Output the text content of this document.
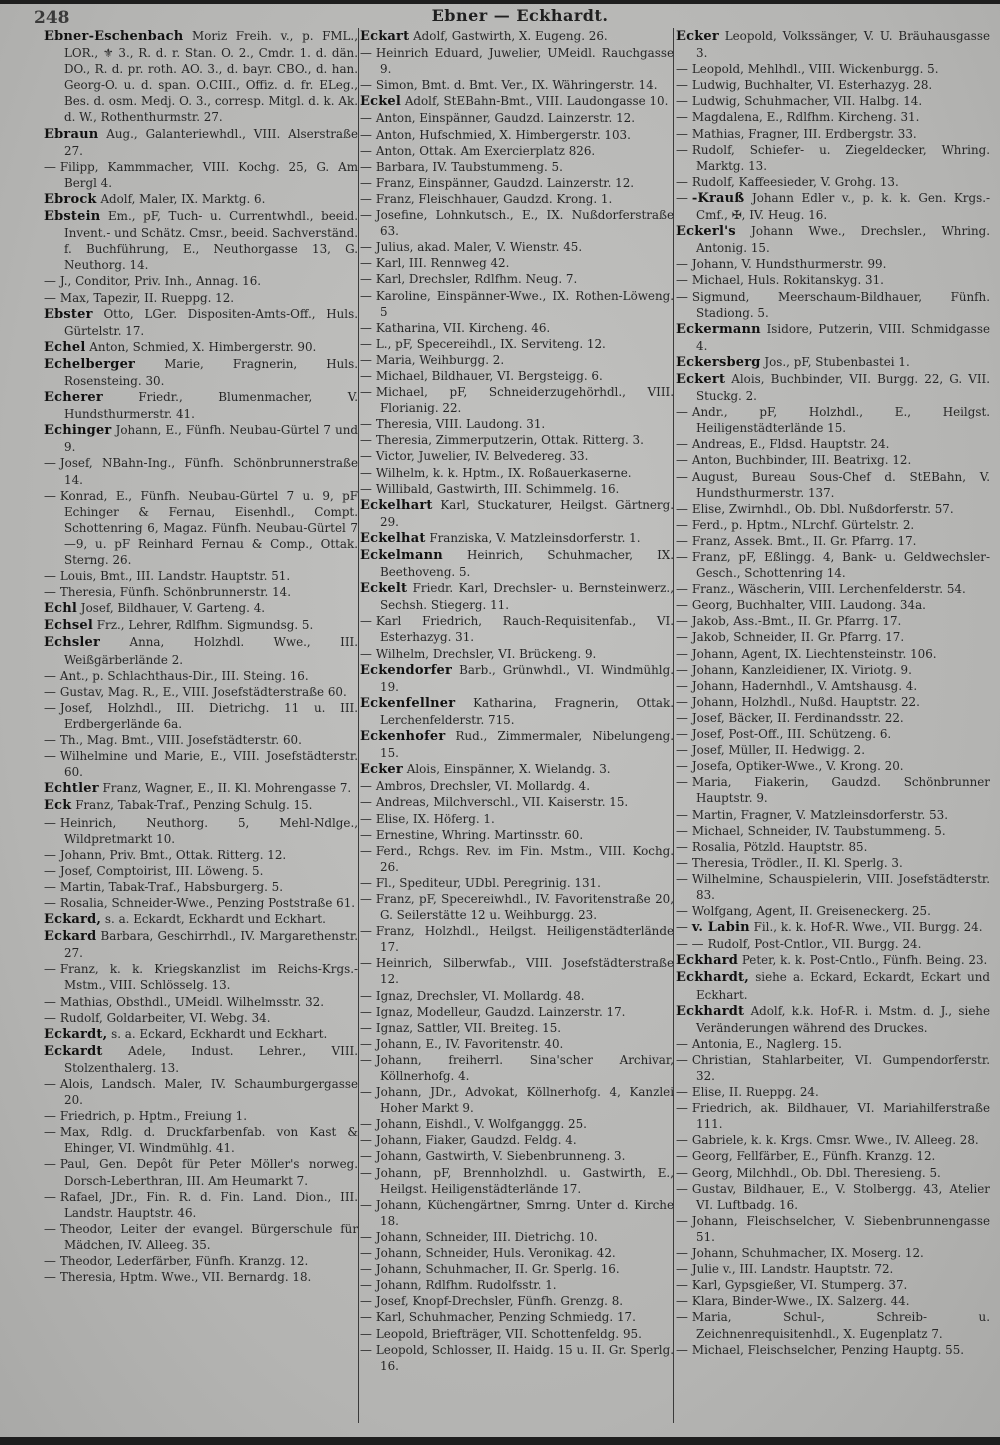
248	Ebner — Eckhardt.

Ebner-Eschenbach Moriz Freih. v., p. FML., LOR., ⚜ 3., R. d. r. Stan. O. 2., Cmdr. 1. d. dän. DO., R. d. pr. roth. AO. 3., d. bayr. CBO., d. han. Georg-O. u. d. span. O.CIII., Offiz. d. fr. ELeg., Bes. d. osm. Medj. O. 3., corresp. Mitgl. d. k. Ak. d. W., Rothenthurmstr. 27.

Ebraun Aug., Galanteriewhdl., VIII. Alserstraße 27.

— Filipp, Kammmacher, VIII. Kochg. 25, G. Am Bergl 4.

Ebrock Adolf, Maler, IX. Marktg. 6.

Ebstein Em., pF, Tuch- u. Currentwhdl., beeid. Invent.- und Schätz. Cmsr., beeid. Sachverständ. f. Buchführung, E., Neuthorgasse 13, G. Neuthorg. 14.

— J., Conditor, Priv. Inh., Annag. 16.

— Max, Tapezir, II. Rueppg. 12.

Ebster Otto, LGer. Dispositen-Amts-Off., Huls. Gürtelstr. 17.

Echel Anton, Schmied, X. Himbergerstr. 90.

Echelberger Marie, Fragnerin, Huls. Rosensteing. 30.

Echerer	Friedr., Blumenmacher, V. Hundsthurmerstr. 41.

Echinger Johann, E., Fünfh. Neubau-Gürtel 7 und 9.

— Josef, NBahn-Ing., Fünfh. Schönbrunnerstraße 14.

— Konrad, E., Fünfh. Neubau-Gürtel 7 u. 9, pF Echinger & Fernau, Eisenhdl., Compt. Schottenring 6, Magaz. Fünfh. Neubau-Gürtel 7—9, u. pF Reinhard Fernau & Comp., Ottak. Sterng. 26.

— Louis, Bmt., III. Landstr. Hauptstr. 51.

— Theresia, Fünfh. Schönbrunnerstr. 14.

Echl Josef, Bildhauer, V. Garteng. 4.

Echsel Frz., Lehrer, Rdlfhm. Sigmundsg. 5.

Echsler Anna, Holzhdl. Wwe., III. Weißgärberlände 2.

— Ant., p. Schlachthaus-Dir., III. Steing. 16.

— Gustav, Mag. R., E., VIII. Josefstädterstraße 60.

— Josef, Holzhdl., III. Dietrichg. 11 u. III. Erdbergerlände 6a.

— Th., Mag. Bmt., VIII. Josefstädterstr. 60.

— Wilhelmine und Marie, E., VIII. Josefstädterstr. 60.

Echtler Franz, Wagner, E., II. Kl. Mohrengasse 7.

Eck Franz, Tabak-Traf., Penzing Schulg. 15.

— Heinrich, Neuthorg. 5, Mehl-Ndlge., Wildpretmarkt 10.

— Johann, Priv. Bmt., Ottak. Ritterg. 12.

— Josef, Comptoirist, III. Löweng. 5.

— Martin, Tabak-Traf., Habsburgerg. 5.

— Rosalia, Schneider-Wwe., Penzing Poststraße 61.

Eckard, s. a. Eckardt, Eckhardt und Eckhart.

Eckard Barbara, Geschirrhdl., IV. Margarethenstr. 27.

— Franz, k. k. Kriegskanzlist im Reichs-Krgs.-Mstm., VIII. Schlösselg. 13.

— Mathias, Obsthdl., UMeidl. Wilhelmsstr. 32.

— Rudolf, Goldarbeiter, VI. Webg. 34.

Eckardt, s. a. Eckard, Eckhardt und Eckhart.

Eckardt Adele, Indust. Lehrer., VIII. Stolzenthalerg. 13.

— Alois, Landsch. Maler, IV. Schaumburgergasse 20.

— Friedrich, p. Hptm., Freiung 1.

— Max, Rdlg. d. Druckfarbenfab. von Kast & Ehinger, VI. Windmühlg. 41.

— Paul, Gen. Depôt für Peter Möller's norweg. Dorsch-Leberthran, III. Am Heumarkt 7.

— Rafael, JDr., Fin. R. d. Fin. Land. Dion., III. Landstr. Hauptstr. 46.

— Theodor, Leiter der evangel. Bürgerschule für Mädchen, IV. Alleeg. 35.

— Theodor, Lederfärber, Fünfh. Kranzg. 12.

— Theresia, Hptm. Wwe., VII. Bernardg. 18.

Eckart Adolf, Gastwirth, X. Eugeng. 26.

— Heinrich Eduard, Juwelier, UMeidl. Rauchgasse 9.

— Simon, Bmt. d. Bmt. Ver., IX. Währingerstr. 14.

Eckel Adolf, StEBahn-Bmt., VIII. Laudongasse 10.

— Anton, Einspänner, Gaudzd. Lainzerstr. 12.

— Anton, Hufschmied, X. Himbergerstr. 103.

— Anton, Ottak. Am Exercierplatz 826.

— Barbara, IV. Taubstummeng. 5.

— Franz, Einspänner, Gaudzd. Lainzerstr. 12.

— Franz, Fleischhauer, Gaudzd. Krong. 1.

— Josefine, Lohnkutsch., E., IX. Nußdorferstraße 63.

— Julius, akad. Maler, V. Wienstr. 45.

— Karl, III. Rennweg 42.

— Karl, Drechsler, Rdlfhm. Neug. 7.

— Karoline, Einspänner-Wwe., IX. Rothen-Löweng. 5

— Katharina, VII. Kircheng. 46.

— L., pF, Specereihdl., IX. Serviteng. 12.

— Maria, Weihburgg. 2.

— Michael, Bildhauer, VI. Bergsteigg. 6.

— Michael, pF, Schneiderzugehörhdl., VIII. Florianig. 22.

— Theresia, VIII. Laudong. 31.

— Theresia, Zimmerputzerin, Ottak. Ritterg. 3.

— Victor, Juwelier, IV. Belvedereg. 33.

— Wilhelm, k. k. Hptm., IX. Roßauerkaserne.

— Willibald, Gastwirth, III. Schimmelg. 16.

Eckelhart Karl, Stuckaturer, Heilgst. Gärtnerg. 29.

Eckelhat Franziska, V. Matzleinsdorferstr. 1.

Eckelmann Heinrich, Schuhmacher, IX. Beethoveng. 5.

Eckelt Friedr. Karl, Drechsler- u. Bernsteinwerz., Sechsh. Stiegerg. 11.

— Karl Friedrich, Rauch-Requisitenfab., VI. Esterhazyg. 31.

— Wilhelm, Drechsler, VI. Brückeng. 9.

Eckendorfer Barb., Grünwhdl., VI. Windmühlg. 19.

Eckenfellner Katharina, Fragnerin, Ottak. Lerchenfelderstr. 715.

Eckenhofer Rud., Zimmermaler, Nibelungeng. 15.

Ecker Alois, Einspänner, X. Wielandg. 3.

— Ambros, Drechsler, VI. Mollardg. 4.

— Andreas, Milchverschl., VII. Kaiserstr. 15.

— Elise, IX. Höferg. 1.

— Ernestine, Whring. Martinsstr. 60.

— Ferd., Rchgs. Rev. im Fin. Mstm., VIII. Kochg. 26.

— Fl., Spediteur, UDbl. Peregrinig. 131.

— Franz, pF, Specereiwhdl., IV. Favoritenstraße 20, G. Seilerstätte 12 u. Weihburgg. 23.

— Franz, Holzhdl., Heilgst. Heiligenstädterlände 17.

— Heinrich, Silberwfab., VIII. Josefstädterstraße 12.

— Ignaz, Drechsler, VI. Mollardg. 48.

— Ignaz, Modelleur, Gaudzd. Lainzerstr. 17.

— Ignaz, Sattler, VII. Breiteg. 15.

— Johann, E., IV. Favoritenstr. 40.

— Johann, freiherrl. Sina'scher Archivar, Köllnerhofg. 4.

— Johann, JDr., Advokat, Köllnerhofg. 4, Kanzlei Hoher Markt 9.

— Johann, Eishdl., V. Wolfganggg. 25.

— Johann, Fiaker, Gaudzd. Feldg. 4.

— Johann, Gastwirth, V. Siebenbrunneng. 3.

— Johann, pF, Brennholzhdl. u. Gastwirth, E., Heilgst. Heiligenstädterlände 17.

— Johann, Küchengärtner, Smrng. Unter d. Kirche 18.

— Johann, Schneider, III. Dietrichg. 10.

— Johann, Schneider, Huls. Veronikag. 42.

— Johann, Schuhmacher, II. Gr. Sperlg. 16.

— Johann, Rdlfhm. Rudolfsstr. 1.

— Josef, Knopf-Drechsler, Fünfh. Grenzg. 8.

— Karl, Schuhmacher, Penzing Schmiedg. 17.

— Leopold, Briefträger, VII. Schottenfeldg. 95.

— Leopold, Schlosser, II. Haidg. 15 u. II. Gr. Sperlg. 16.

Ecker Leopold, Volkssänger, V. U. Bräuhausgasse 3.

— Leopold, Mehlhdl., VIII. Wickenburgg. 5.

— Ludwig, Buchhalter, VI. Esterhazyg. 28.

— Ludwig, Schuhmacher, VII. Halbg. 14.

— Magdalena, E., Rdlfhm. Kircheng. 31.

— Mathias, Fragner, III. Erdbergstr. 33.

— Rudolf, Schiefer- u. Ziegeldecker, Whring. Marktg. 13.

— Rudolf, Kaffeesieder, V. Grohg. 13.

— -Krauß Johann Edler v., p. k. k. Gen. Krgs.-Cmf., ✠, IV. Heug. 16.

Eckerl's Johann Wwe., Drechsler., Whring. Antonig. 15.

— Johann, V. Hundsthurmerstr. 99.

— Michael, Huls. Rokitanskyg. 31.

— Sigmund, Meerschaum-Bildhauer, Fünfh. Stadiong. 5.

Eckermann Isidore, Putzerin, VIII. Schmidgasse 4.

Eckersberg Jos., pF, Stubenbastei 1.

Eckert Alois, Buchbinder, VII. Burgg. 22, G. VII. Stuckg. 2.

— Andr., pF, Holzhdl., E., Heilgst. Heiligenstädterlände 15.

— Andreas, E., Fldsd. Hauptstr. 24.

— Anton, Buchbinder, III. Beatrixg. 12.

— August, Bureau Sous-Chef d. StEBahn, V. Hundsthurmerstr. 137.

— Elise, Zwirnhdl., Ob. Dbl. Nußdorferstr. 57.

— Ferd., p. Hptm., NLrchf. Gürtelstr. 2.

— Franz, Assek. Bmt., II. Gr. Pfarrg. 17.

— Franz, pF, Eßlingg. 4, Bank- u. Geldwechsler-Gesch., Schottenring 14.

— Franz., Wäscherin, VIII. Lerchenfelderstr. 54.

— Georg, Buchhalter, VIII. Laudong. 34a.

— Jakob, Ass.-Bmt., II. Gr. Pfarrg. 17.

— Jakob, Schneider, II. Gr. Pfarrg. 17.

— Johann, Agent, IX. Liechtensteinstr. 106.

— Johann, Kanzleidiener, IX. Viriotg. 9.

— Johann, Hadernhdl., V. Amtshausg. 4.

— Johann, Holzhdl., Nußd. Hauptstr. 22.

— Josef, Bäcker, II. Ferdinandsstr. 22.

— Josef, Post-Off., III. Schützeng. 6.

— Josef, Müller, II. Hedwigg. 2.

— Josefa, Optiker-Wwe., V. Krong. 20.

— Maria, Fiakerin, Gaudzd. Schönbrunner Hauptstr. 9.

— Martin, Fragner, V. Matzleinsdorferstr. 53.

— Michael, Schneider, IV. Taubstummeng. 5.

— Rosalia, Pötzld. Hauptstr. 85.

— Theresia, Trödler., II. Kl. Sperlg. 3.

— Wilhelmine, Schauspielerin, VIII. Josefstädterstr. 83.

— Wolfgang, Agent, II. Greiseneckerg. 25.

— v. Labin Fil., k. k. Hof-R. Wwe., VII. Burgg. 24.

— — Rudolf, Post-Cntlor., VII. Burgg. 24.

Eckhard Peter, k. k. Post-Cntlo., Fünfh. Being. 23.

Eckhardt, siehe a. Eckard, Eckardt, Eckart und Eckhart.

Eckhardt Adolf, k.k. Hof-R. i. Mstm. d. J., siehe Veränderungen während des Druckes.

— Antonia, E., Naglerg. 15.

— Christian, Stahlarbeiter, VI. Gumpendorferstr. 32.

— Elise, II. Rueppg. 24.

— Friedrich, ak. Bildhauer, VI. Mariahilferstraße 111.

— Gabriele, k. k. Krgs. Cmsr. Wwe., IV. Alleeg. 28.

— Georg, Fellfärber, E., Fünfh. Kranzg. 12.

— Georg, Milchhdl., Ob. Dbl. Theresieng. 5.

— Gustav, Bildhauer, E., V. Stolbergg. 43, Atelier VI. Luftbadg. 16.

— Johann, Fleischselcher, V. Siebenbrunnengasse 51.

— Johann, Schuhmacher, IX. Moserg. 12.

— Julie v., III. Landstr. Hauptstr. 72.

— Karl, Gypsgießer, VI. Stumperg. 37.

— Klara, Binder-Wwe., IX. Salzerg. 44.

— Maria, Schul-, Schreib- u. Zeichnenrequisitenhdl., X. Eugenplatz 7.

— Michael, Fleischselcher, Penzing Hauptg. 55.
